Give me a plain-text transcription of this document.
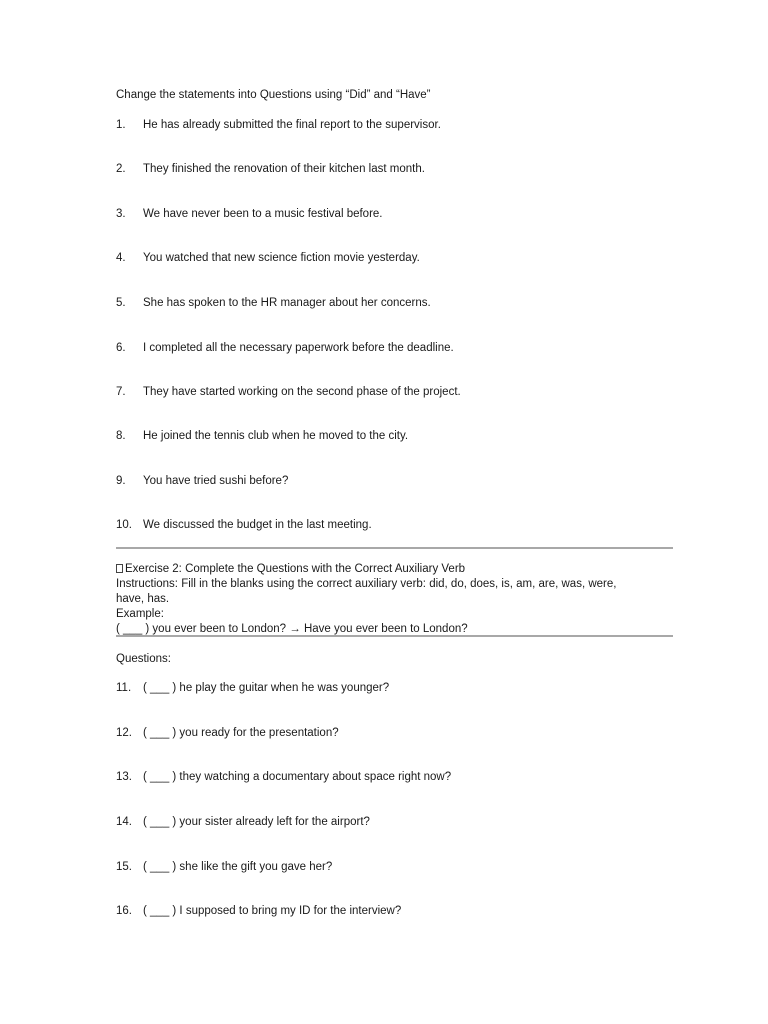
Change the statements into Questions using “Did” and “Have”
1.	He has already submitted the final report to the supervisor.
2.	They finished the renovation of their kitchen last month.
3.	We have never been to a music festival before.
4.	You watched that new science fiction movie yesterday.
5.	She has spoken to the HR manager about her concerns.
6.	I completed all the necessary paperwork before the deadline.
7.	They have started working on the second phase of the project.
8.	He joined the tennis club when he moved to the city.
9.	You have tried sushi before?
10. We discussed the budget in the last meeting.
Exercise 2: Complete the Questions with the Correct Auxiliary Verb
Instructions: Fill in the blanks using the correct auxiliary verb: did, do, does, is, am, are, was, were, have, has.
Example:
( ___ ) you ever been to London? → Have you ever been to London?
Questions:
11.	( ___ ) he play the guitar when he was younger?
12. ( ___ ) you ready for the presentation?
13. ( ___ ) they watching a documentary about space right now?
14. ( ___ ) your sister already left for the airport?
15. ( ___ ) she like the gift you gave her?
16. ( ___ ) I supposed to bring my ID for the interview?
